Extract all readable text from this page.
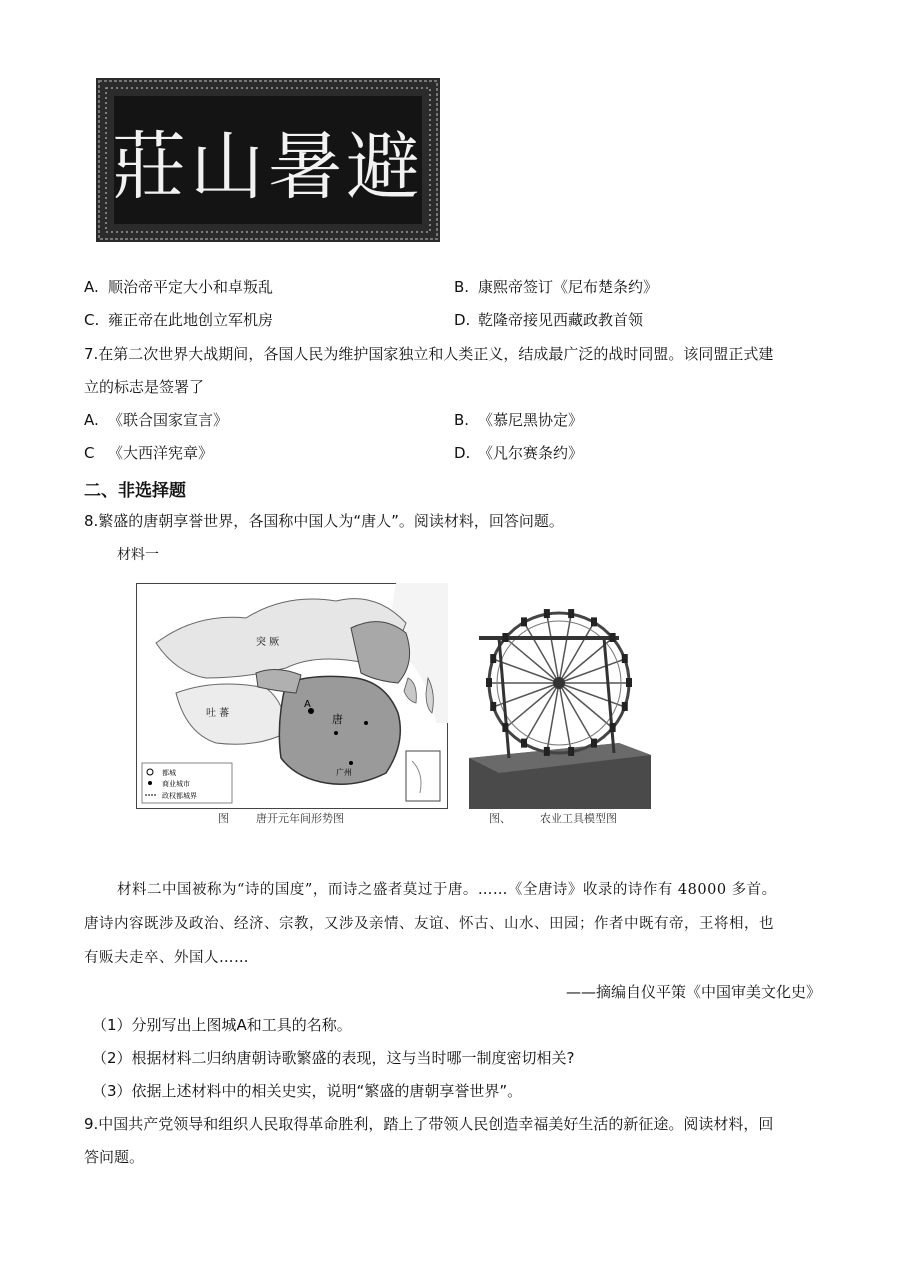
莊山暑避
A. 顺治帝平定大小和卓叛乱	B. 康熙帝签订《尼布楚条约》
C. 雍正帝在此地创立军机房	D. 乾隆帝接见西藏政教首领
7.在第二次世界大战期间，各国人民为维护国家独立和人类正义，结成最广泛的战时同盟。该同盟正式建
立的标志是签署了
A. 《联合国家宣言》	B. 《慕尼黑协定》
C 《大西洋宪章》	D. 《凡尔赛条约》
二、非选择题
8.繁盛的唐朝享誉世界，各国称中国人为“唐人”。阅读材料，回答问题。
材料一
突 厥
吐 蕃	唐
A
广州
都城
商业城市
政权都城界
图 唐开元年间形势图	图、	农业工具模型图
材料二中国被称为“诗的国度”，而诗之盛者莫过于唐。……《全唐诗》收录的诗作有 48000 多首。
唐诗内容既涉及政治、经济、宗教，又涉及亲情、友谊、怀古、山水、田园；作者中既有帝，王将相，也
有贩夫走卒、外国人……
——摘编自仪平策《中国审美文化史》
（1）分别写出上图城A和工具的名称。
（2）根据材料二归纳唐朝诗歌繁盛的表现，这与当时哪一制度密切相关?
（3）依据上述材料中的相关史实，说明“繁盛的唐朝享誉世界”。
9.中国共产党领导和组织人民取得革命胜利，踏上了带领人民创造幸福美好生活的新征途。阅读材料，回
答问题。
